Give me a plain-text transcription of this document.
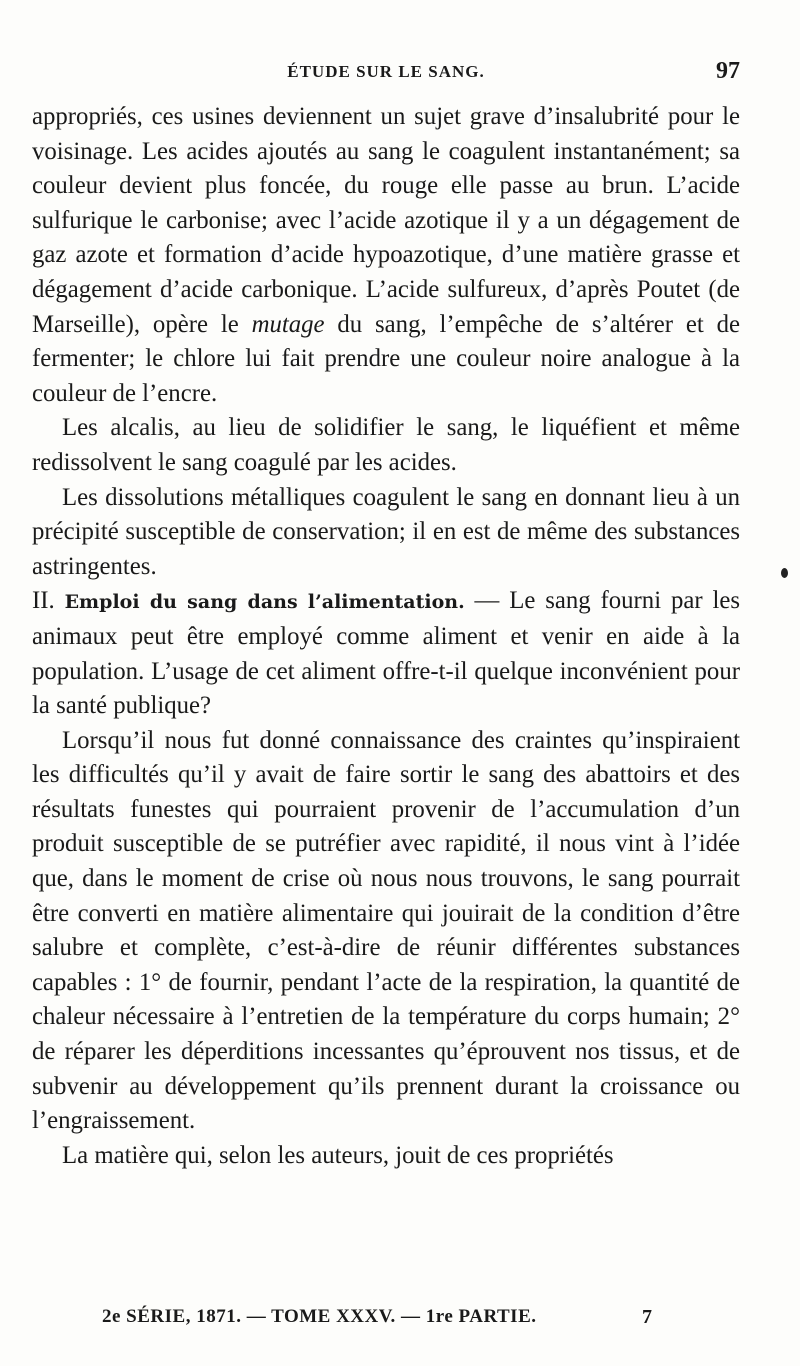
ÉTUDE SUR LE SANG.	97

appropriés, ces usines deviennent un sujet grave d’insalubrité pour le voisinage. Les acides ajoutés au sang le coagulent instantanément; sa couleur devient plus foncée, du rouge elle passe au brun. L’acide sulfurique le carbonise; avec l’acide azotique il y a un dégagement de gaz azote et formation d’acide hypoazotique, d’une matière grasse et dégagement d’acide carbonique. L’acide sulfureux, d’après Poutet (de Marseille), opère le mutage du sang, l’empêche de s’altérer et de fermenter; le chlore lui fait prendre une couleur noire analogue à la couleur de l’encre.

Les alcalis, au lieu de solidifier le sang, le liquéfient et même redissolvent le sang coagulé par les acides.

Les dissolutions métalliques coagulent le sang en donnant lieu à un précipité susceptible de conservation; il en est de même des substances astringentes.

II. Emploi du sang dans l’alimentation. — Le sang fourni par les animaux peut être employé comme aliment et venir en aide à la population. L’usage de cet aliment offre-t-il quelque inconvénient pour la santé publique?

Lorsqu’il nous fut donné connaissance des craintes qu’inspiraient les difficultés qu’il y avait de faire sortir le sang des abattoirs et des résultats funestes qui pourraient provenir de l’accumulation d’un produit susceptible de se putréfier avec rapidité, il nous vint à l’idée que, dans le moment de crise où nous nous trouvons, le sang pourrait être converti en matière alimentaire qui jouirait de la condition d’être salubre et complète, c’est-à-dire de réunir différentes substances capables : 1° de fournir, pendant l’acte de la respiration, la quantité de chaleur nécessaire à l’entretien de la température du corps humain; 2° de réparer les déperditions incessantes qu’éprouvent nos tissus, et de subvenir au développement qu’ils prennent durant la croissance ou l’engraissement.

La matière qui, selon les auteurs, jouit de ces propriétés

2e SÉRIE, 1871. — TOME XXXV. — 1re PARTIE.	7
